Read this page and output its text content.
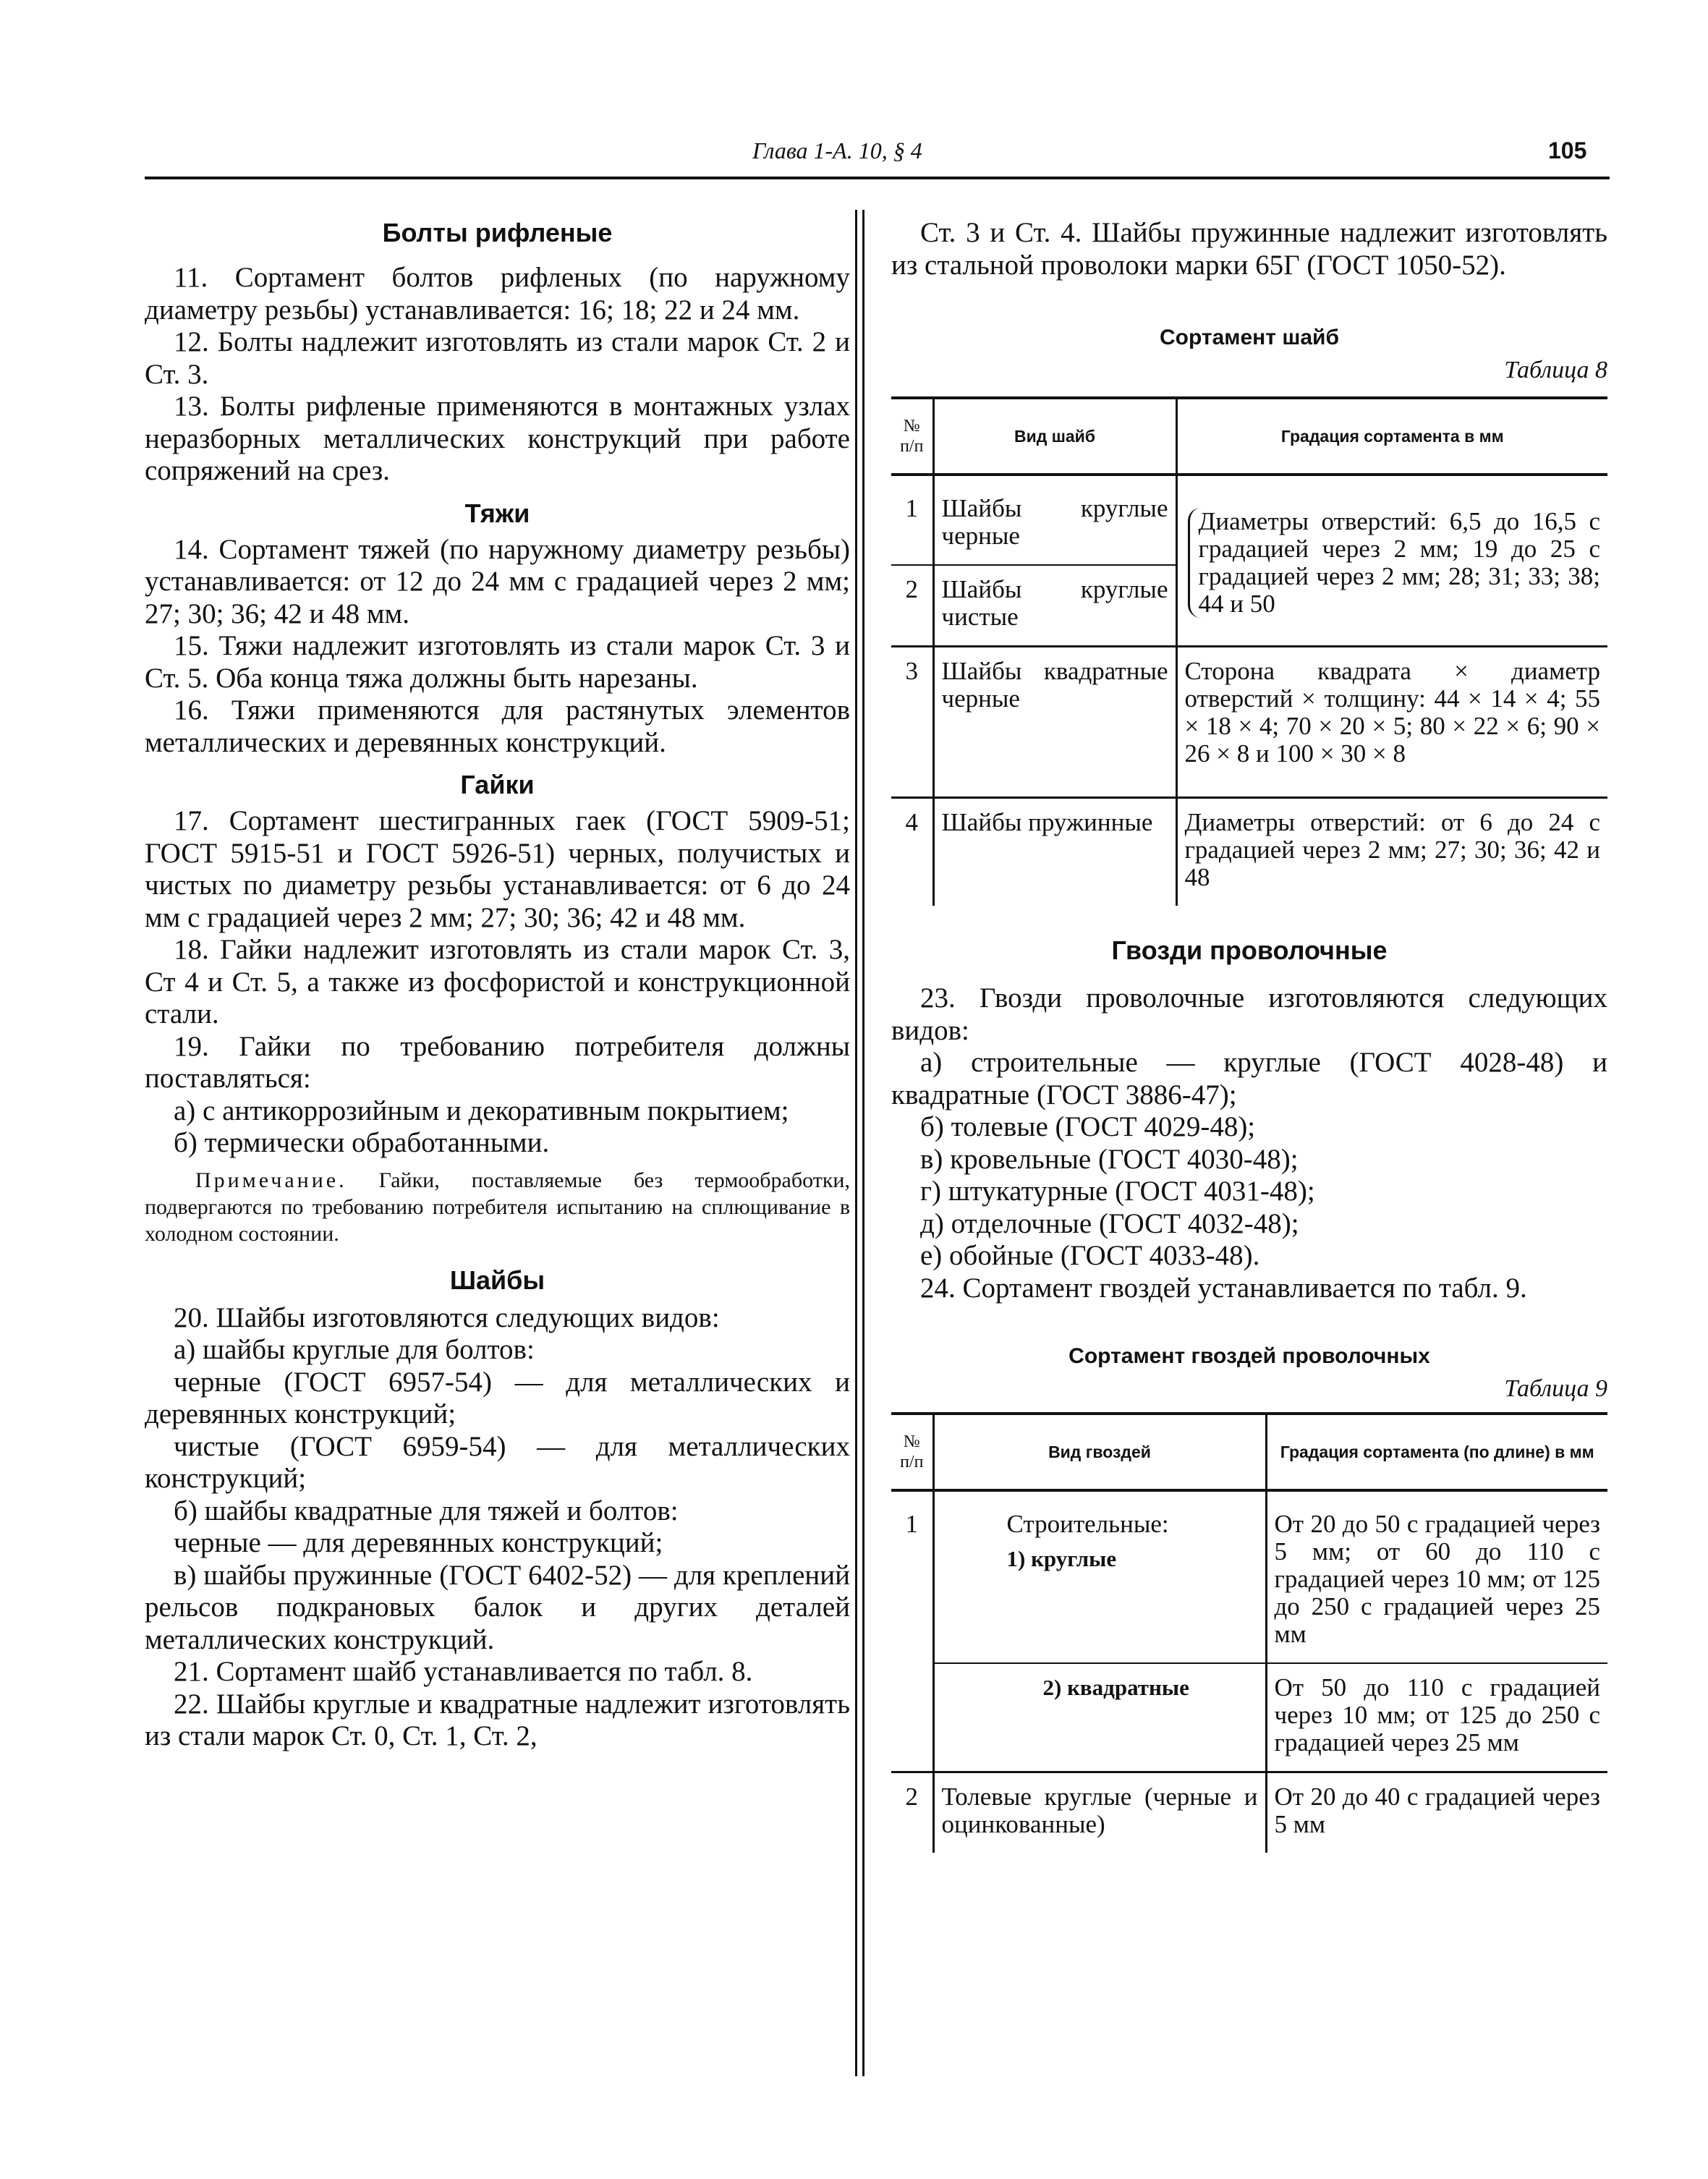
Глава 1-А. 10, § 4	105
Болты рифленые

11. Сортамент болтов рифленых (по наружному диаметру резьбы) устанавливается: 16; 18; 22 и 24 мм.

12. Болты надлежит изготовлять из стали марок Ст. 2 и Ст. 3.

13. Болты рифленые применяются в монтажных узлах неразборных металлических конструкций при работе сопряжений на срез.

Тяжи

14. Сортамент тяжей (по наружному диаметру резьбы) устанавливается: от 12 до 24 мм с градацией через 2 мм; 27; 30; 36; 42 и 48 мм.

15. Тяжи надлежит изготовлять из стали марок Ст. 3 и Ст. 5. Оба конца тяжа должны быть нарезаны.

16. Тяжи применяются для растянутых элементов металлических и деревянных конструкций.

Гайки

17. Сортамент шестигранных гаек (ГОСТ 5909-51; ГОСТ 5915-51 и ГОСТ 5926-51) черных, получистых и чистых по диаметру резьбы устанавливается: от 6 до 24 мм с градацией через 2 мм; 27; 30; 36; 42 и 48 мм.

18. Гайки надлежит изготовлять из стали марок Ст. 3, Ст 4 и Ст. 5, а также из фосфористой и конструкционной стали.

19. Гайки по требованию потребителя должны поставляться:

а) с антикоррозийным и декоративным покрытием;

б) термически обработанными.

Примечание. Гайки, поставляемые без термообработки, подвергаются по требованию потребителя испытанию на сплющивание в холодном состоянии.

Шайбы

20. Шайбы изготовляются следующих видов:

а) шайбы круглые для болтов:

черные (ГОСТ 6957-54) — для металлических и деревянных конструкций;

чистые (ГОСТ 6959-54) — для металлических конструкций;

б) шайбы квадратные для тяжей и болтов:

черные — для деревянных конструкций;

в) шайбы пружинные (ГОСТ 6402-52) — для креплений рельсов подкрановых балок и других деталей металлических конструкций.

21. Сортамент шайб устанавливается по табл. 8.

22. Шайбы круглые и квадратные надлежит изготовлять из стали марок Ст. 0, Ст. 1, Ст. 2,

Ст. 3 и Ст. 4. Шайбы пружинные надлежит изготовлять из стальной проволоки марки 65Г (ГОСТ 1050-52).

Сортамент шайб
Таблица 8
№ п/п	Вид шайб	Градация сортамента в мм
1	Шайбы круглые черные	Диаметры отверстий: 6,5 до 16,5 с градацией через 2 мм; 19 до 25 с градацией через 2 мм; 28; 31; 33; 38; 44 и 50

2	Шайбы круглые чистые	
3	Шайбы квадратные черные	Сторона квадрата × диаметр отверстий × толщину: 44 × 14 × 4; 55 × 18 × 4; 70 × 20 × 5; 80 × 22 × 6; 90 × 26 × 8 и 100 × 30 × 8
4	Шайбы пружинные	Диаметры отверстий: от 6 до 24 с градацией через 2 мм; 27; 30; 36; 42 и 48
Гвозди проволочные

23. Гвозди проволочные изготовляются следующих видов:

а) строительные — круглые (ГОСТ 4028-48) и квадратные (ГОСТ 3886-47);

б) толевые (ГОСТ 4029-48);

в) кровельные (ГОСТ 4030-48);

г) штукатурные (ГОСТ 4031-48);

д) отделочные (ГОСТ 4032-48);

е) обойные (ГОСТ 4033-48).

24. Сортамент гвоздей устанавливается по табл. 9.

Сортамент гвоздей проволочных
Таблица 9
№ п/п	Вид гвоздей	Градация сортамента (по длине) в мм
1	Строительные:
1) круглые	От 20 до 50 с градацией через 5 мм; от 60 до 110 с градацией через 10 мм; от 125 до 250 с градацией через 25 мм
	2) квадратные	От 50 до 110 с градацией через 10 мм; от 125 до 250 с градацией через 25 мм
2	Толевые круглые (черные и оцинкованные)	От 20 до 40 с градацией через 5 мм
